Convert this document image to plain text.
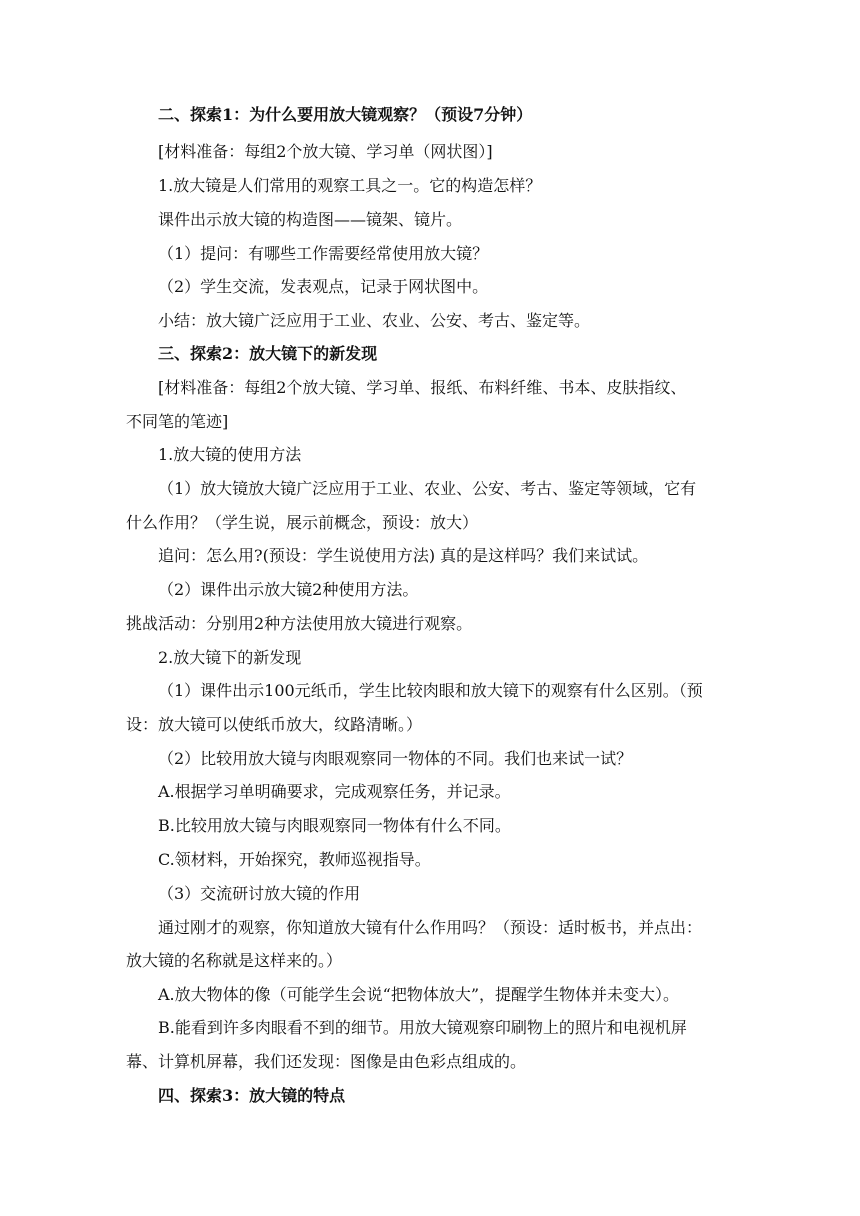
二、探索1：为什么要用放大镜观察？（预设7分钟）
[材料准备：每组2个放大镜、学习单（网状图）]
1.放大镜是人们常用的观察工具之一。它的构造怎样？
课件出示放大镜的构造图——镜架、镜片。
（1）提问：有哪些工作需要经常使用放大镜？
（2）学生交流，发表观点，记录于网状图中。
小结：放大镜广泛应用于工业、农业、公安、考古、鉴定等。
三、探索2：放大镜下的新发现
[材料准备：每组2个放大镜、学习单、报纸、布料纤维、书本、皮肤指纹、
不同笔的笔迹]
1.放大镜的使用方法
（1）放大镜放大镜广泛应用于工业、农业、公安、考古、鉴定等领域，它有
什么作用？（学生说，展示前概念，预设：放大）
追问：怎么用?(预设：学生说使用方法) 真的是这样吗？我们来试试。
（2）课件出示放大镜2种使用方法。
挑战活动：分别用2种方法使用放大镜进行观察。
2.放大镜下的新发现
（1）课件出示100元纸币，学生比较肉眼和放大镜下的观察有什么区别。（预
设：放大镜可以使纸币放大，纹路清晰。）
（2）比较用放大镜与肉眼观察同一物体的不同。我们也来试一试？
A.根据学习单明确要求，完成观察任务，并记录。
B.比较用放大镜与肉眼观察同一物体有什么不同。
C.领材料，开始探究，教师巡视指导。
（3）交流研讨放大镜的作用
通过刚才的观察，你知道放大镜有什么作用吗？（预设：适时板书，并点出：
放大镜的名称就是这样来的。）
A.放大物体的像（可能学生会说“把物体放大”，提醒学生物体并未变大）。
B.能看到许多肉眼看不到的细节。用放大镜观察印刷物上的照片和电视机屏
幕、计算机屏幕，我们还发现：图像是由色彩点组成的。
四、探索3：放大镜的特点
